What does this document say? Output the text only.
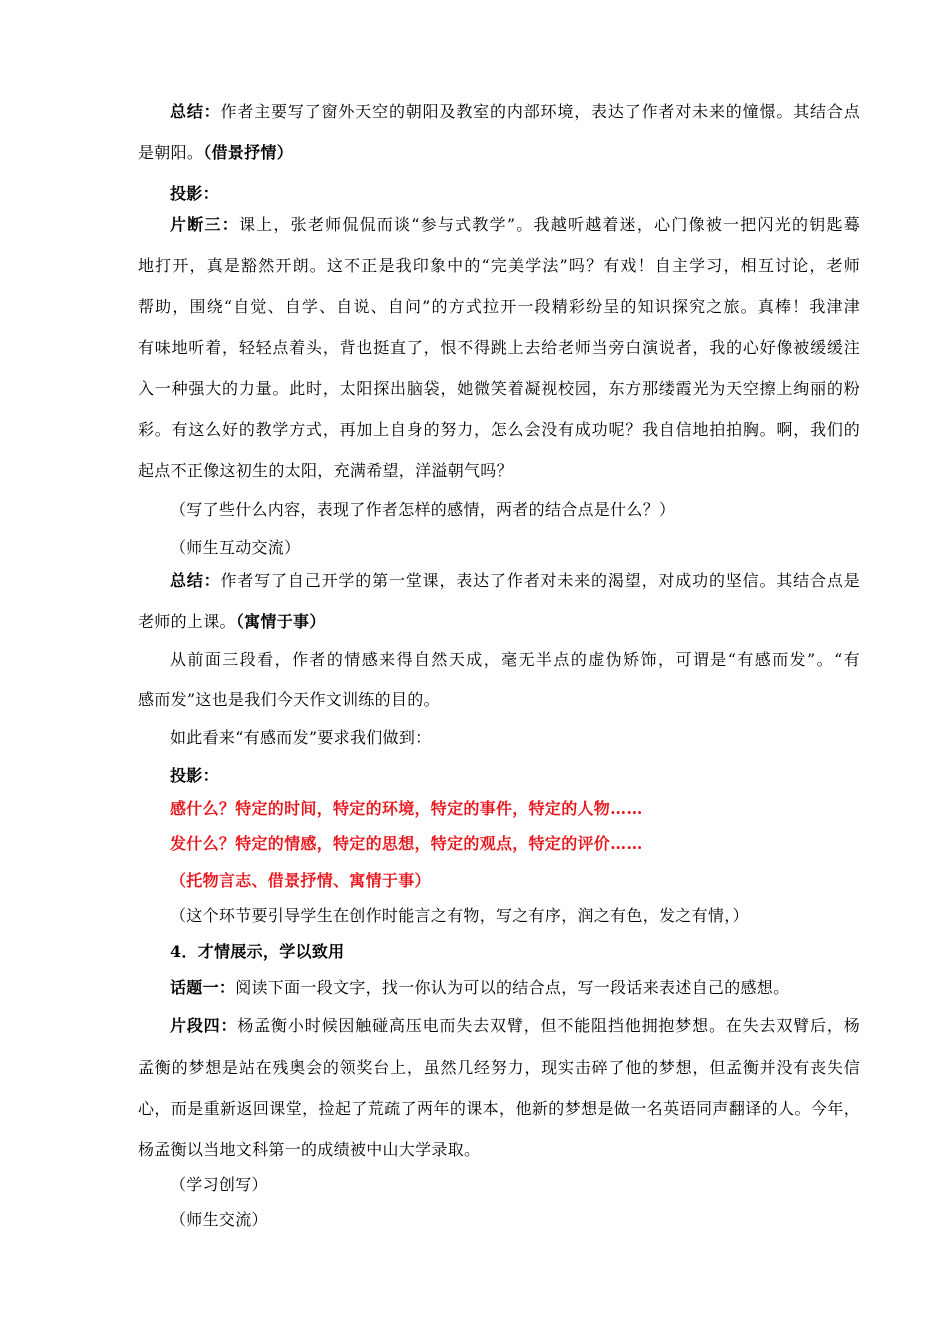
总结：作者主要写了窗外天空的朝阳及教室的内部环境，表达了作者对未来的憧憬。其结合点
是朝阳。（借景抒情）
投影：
片断三：课上，张老师侃侃而谈“参与式教学”。我越听越着迷，心门像被一把闪光的钥匙蓦
地打开，真是豁然开朗。这不正是我印象中的“完美学法”吗？有戏！自主学习，相互讨论，老师
帮助，围绕“自觉、自学、自说、自问”的方式拉开一段精彩纷呈的知识探究之旅。真棒！我津津
有味地听着，轻轻点着头，背也挺直了，恨不得跳上去给老师当旁白演说者，我的心好像被缓缓注
入一种强大的力量。此时，太阳探出脑袋，她微笑着凝视校园，东方那缕霞光为天空擦上绚丽的粉
彩。有这么好的教学方式，再加上自身的努力，怎么会没有成功呢？我自信地拍拍胸。啊，我们的
起点不正像这初生的太阳，充满希望，洋溢朝气吗？
（写了些什么内容，表现了作者怎样的感情，两者的结合点是什么？）
（师生互动交流）
总结：作者写了自己开学的第一堂课，表达了作者对未来的渴望，对成功的坚信。其结合点是
老师的上课。（寓情于事）
从前面三段看，作者的情感来得自然天成，毫无半点的虚伪矫饰，可谓是“有感而发”。“有
感而发”这也是我们今天作文训练的目的。
如此看来“有感而发”要求我们做到：
投影：
感什么？特定的时间，特定的环境，特定的事件，特定的人物……
发什么？特定的情感，特定的思想，特定的观点，特定的评价……
（托物言志、借景抒情、寓情于事）
（这个环节要引导学生在创作时能言之有物，写之有序，润之有色，发之有情，）
4．才情展示，学以致用
话题一：阅读下面一段文字，找一你认为可以的结合点，写一段话来表述自己的感想。
片段四：杨孟衡小时候因触碰高压电而失去双臂，但不能阻挡他拥抱梦想。在失去双臂后，杨
孟衡的梦想是站在残奥会的领奖台上，虽然几经努力，现实击碎了他的梦想，但孟衡并没有丧失信
心，而是重新返回课堂，捡起了荒疏了两年的课本，他新的梦想是做一名英语同声翻译的人。今年，
杨孟衡以当地文科第一的成绩被中山大学录取。
（学习创写）
（师生交流）
